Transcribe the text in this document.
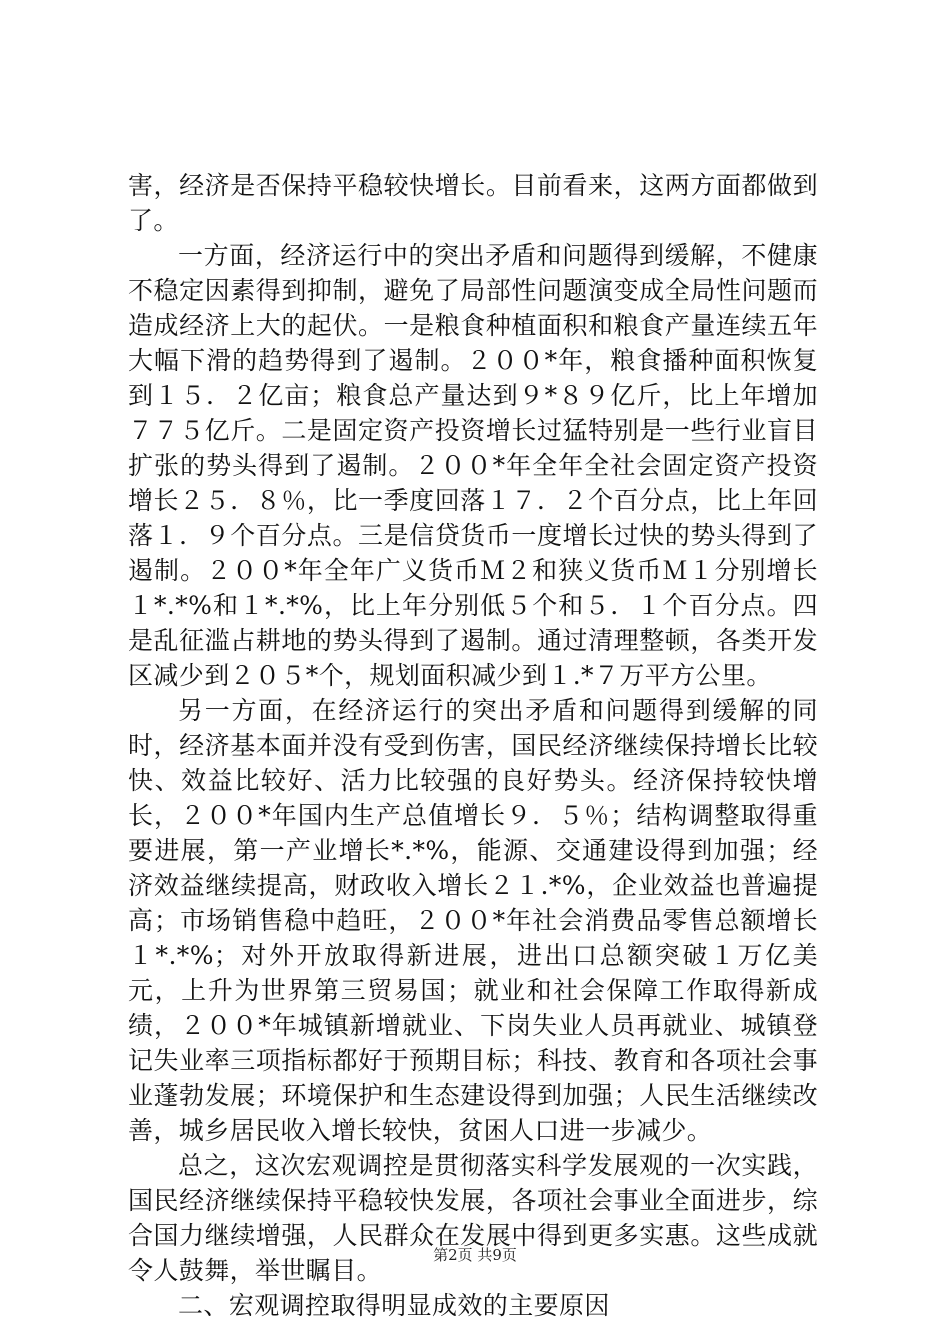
害，经济是否保持平稳较快增长。目前看来，这两方面都做到了。

一方面，经济运行中的突出矛盾和问题得到缓解，不健康不稳定因素得到抑制，避免了局部性问题演变成全局性问题而造成经济上大的起伏。一是粮食种植面积和粮食产量连续五年大幅下滑的趋势得到了遏制。２００*年，粮食播种面积恢复到１５．２亿亩；粮食总产量达到９*８９亿斤，比上年增加７７５亿斤。二是固定资产投资增长过猛特别是一些行业盲目扩张的势头得到了遏制。２００*年全年全社会固定资产投资增长２５．８％，比一季度回落１７．２个百分点，比上年回落１．９个百分点。三是信贷货币一度增长过快的势头得到了遏制。２００*年全年广义货币Ｍ２和狭义货币Ｍ１分别增长１*.*%和１*.*%，比上年分别低５个和５．１个百分点。四是乱征滥占耕地的势头得到了遏制。通过清理整顿，各类开发区减少到２０５*个，规划面积减少到１.*７万平方公里。

另一方面，在经济运行的突出矛盾和问题得到缓解的同时，经济基本面并没有受到伤害，国民经济继续保持增长比较快、效益比较好、活力比较强的良好势头。经济保持较快增长，２００*年国内生产总值增长９．５％；结构调整取得重要进展，第一产业增长*.*%，能源、交通建设得到加强；经济效益继续提高，财政收入增长２１.*%，企业效益也普遍提高；市场销售稳中趋旺，２００*年社会消费品零售总额增长１*.*%；对外开放取得新进展，进出口总额突破１万亿美元，上升为世界第三贸易国；就业和社会保障工作取得新成绩，２００*年城镇新增就业、下岗失业人员再就业、城镇登记失业率三项指标都好于预期目标；科技、教育和各项社会事业蓬勃发展；环境保护和生态建设得到加强；人民生活继续改善，城乡居民收入增长较快，贫困人口进一步减少。

总之，这次宏观调控是贯彻落实科学发展观的一次实践，国民经济继续保持平稳较快发展，各项社会事业全面进步，综合国力继续增强，人民群众在发展中得到更多实惠。这些成就令人鼓舞，举世瞩目。

二、宏观调控取得明显成效的主要原因

第2页 共9页
